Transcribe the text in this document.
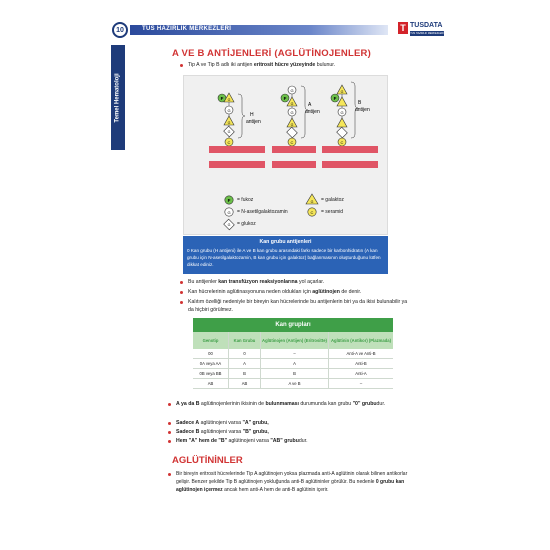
10	TUS HAZIRLIK MERKEZLERİ	T TUSDATA
TUS HAZIRLIK MERKEZLERİ
Temel Hematoloji
A VE B ANTİJENLERİ (AGLÜTİNOJENLER)
Tip A ve Tip B adlı iki antijen eritrosit hücre yüzeyinde bulunur.
F G
G
G
G
C
H
antijen
F
G
G
G
G
C
A
antijen
F
G
G
C
B
antijen
F
G
G
G
C
= fukoz
= N-asetilgalaktozamin
= glukoz
= galaktoz
= seramid
Kan grubu antijenleri
0 Kan grubu (H antijeni) ile A ve B kan grubu arasındaki farkı sadece bir karbonhidratın (A kan grubu için N-asetilgalaktozamin, B kan grubu için galaktoz) bağlanmasının oluşturduğunu lütfen dikkat ediniz.
Bu antijenler kan transfüzyon reaksiyonlarına yol açarlar.
Kan hücrelerinin aglütinasyonuna neden oldukları için aglütinojen de denir.
Kalıtım özelliği nedeniyle bir bireyin kan hücrelerinde bu antijenlerin biri ya da ikisi bulunabilir ya da hiçbiri görülmez.
Kan grupları
Genotip	Kan Grubu	Aglütinojen (Antijen) (Eritrositte) Aglütinin (Antikor) (Plazmada)
00	0	–	Anti-A ve Anti-B
0A veya AA	A	A	Anti-B
0B veya BB	B	B	Anti-A
AB	AB	A ve B	–
A ya da B aglütinojenlerinin ikisinin de bulunmaması durumunda kan grubu "0" grubudur.
Sadece A aglütinojeni varsa "A" grubu,
Sadece B aglütinojeni varsa "B" grubu,
Hem "A" hem de "B" aglütinojeni varsa "AB" grubudur.
AGLÜTİNİNLER
Bir bireyin eritrosit hücrelerinde Tip A aglütinojen yoksa plazmada anti-A aglütinin olarak bilinen antikorlar gelişir. Benzer şekilde Tip B aglütinojen yokluğunda anti-B aglütininler görülür. Bu nedenle 0 grubu kan aglütinojen içermez ancak hem anti-A hem de anti-B aglütinin içerir.
